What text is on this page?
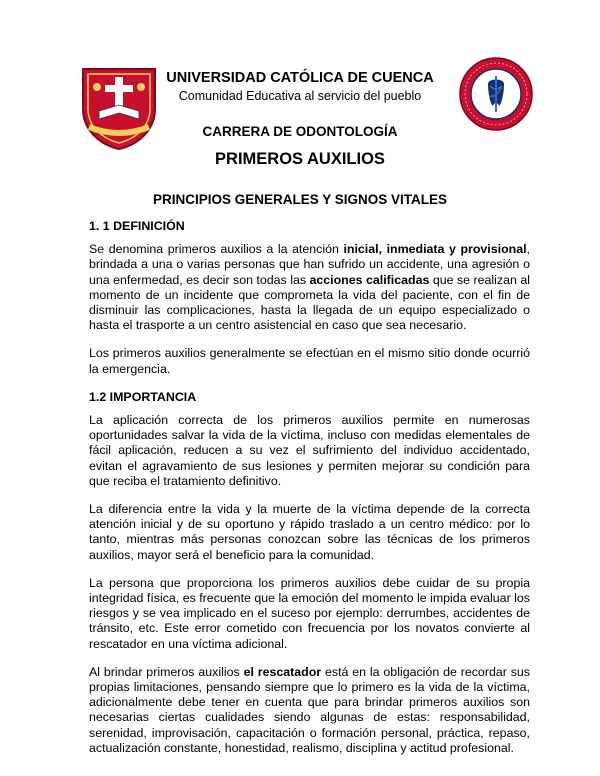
UNIVERSIDAD CATÓLICA DE CUENCA
Comunidad Educativa al servicio del pueblo
CARRERA DE ODONTOLOGÍA
PRIMEROS AUXILIOS
PRINCIPIOS GENERALES Y SIGNOS VITALES
1. 1 DEFINICIÓN

Se denomina primeros auxilios a la atención inicial, inmediata y provisional, brindada a una o varias personas que han sufrido un accidente, una agresión o una enfermedad, es decir son todas las acciones calificadas que se realizan al momento de un incidente que comprometa la vida del paciente, con el fin de disminuir las complicaciones, hasta la llegada de un equipo especializado o hasta el trasporte a un centro asistencial en caso que sea necesario.

Los primeros auxilios generalmente se efectúan en el mismo sitio donde ocurrió la emergencia.

1.2 IMPORTANCIA

La aplicación correcta de los primeros auxilios permite en numerosas oportunidades salvar la vida de la víctima, incluso con medidas elementales de fácil aplicación, reducen a su vez el sufrimiento del individuo accidentado, evitan el agravamiento de sus lesiones y permiten mejorar su condición para que reciba el tratamiento definitivo.

La diferencia entre la vida y la muerte de la víctima depende de la correcta atención inicial y de su oportuno y rápido traslado a un centro médico: por lo tanto, mientras más personas conozcan sobre las técnicas de los primeros auxilios, mayor será el beneficio para la comunidad.

La persona que proporciona los primeros auxilios debe cuidar de su propia integridad física, es frecuente que la emoción del momento le impida evaluar los riesgos y se vea implicado en el suceso por ejemplo: derrumbes, accidentes de tránsito, etc. Este error cometido con frecuencia por los novatos convierte al rescatador en una víctima adicional.

Al brindar primeros auxilios el rescatador está en la obligación de recordar sus propias limitaciones, pensando siempre que lo primero es la vida de la víctima, adicionalmente debe tener en cuenta que para brindar primeros auxilios son necesarias ciertas cualidades siendo algunas de estas: responsabilidad, serenidad, improvisación, capacitación o formación personal, práctica, repaso, actualización constante, honestidad, realismo, disciplina y actitud profesional.
